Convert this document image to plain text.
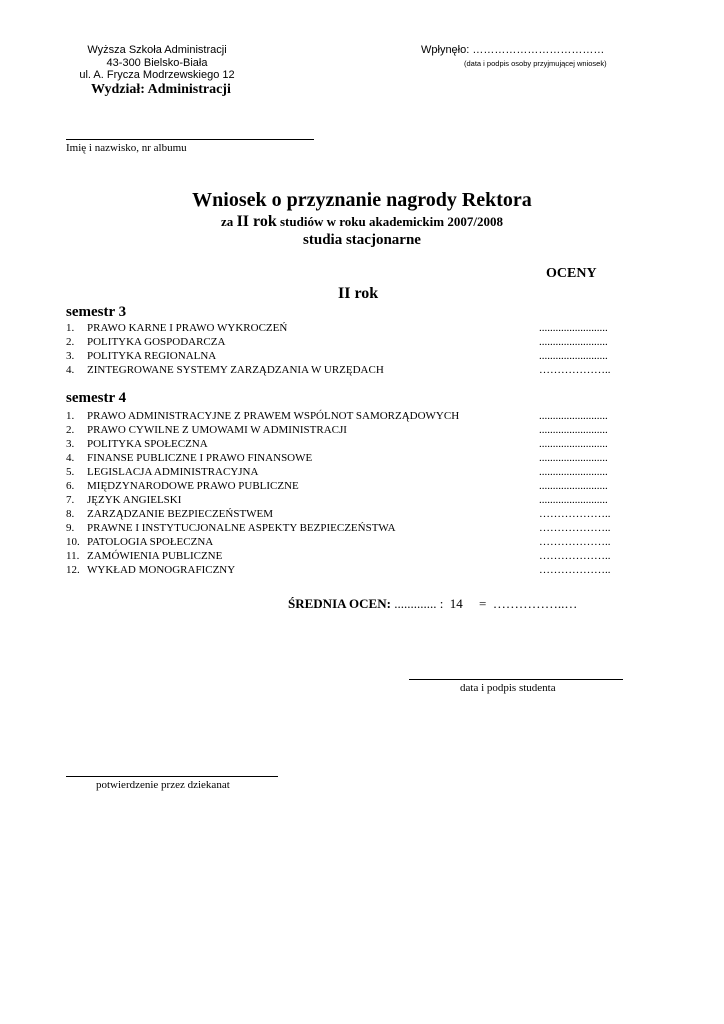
Wyższa Szkoła Administracji
43-300 Bielsko-Biała
ul. A. Frycza Modrzewskiego 12
Wydział: Administracji
Wpłynęło: ………………………………
(data i podpis osoby przyjmującej wniosek)
Imię i nazwisko, nr albumu
Wniosek o przyznanie nagrody Rektora
za II rok studiów w roku akademickim 2007/2008
studia stacjonarne
OCENY
II rok
semestr 3
1. PRAWO KARNE I PRAWO WYKROCZEŃ	.........................
2. POLITYKA GOSPODARCZA	.........................
3. POLITYKA REGIONALNA	.........................
4. ZINTEGROWANE SYSTEMY ZARZĄDZANIA W URZĘDACH	………………..
semestr 4
1. PRAWO ADMINISTRACYJNE Z PRAWEM WSPÓLNOT SAMORZĄDOWYCH	.........................
2. PRAWO CYWILNE Z UMOWAMI W ADMINISTRACJI	.........................
3. POLITYKA SPOŁECZNA	.........................
4. FINANSE PUBLICZNE I PRAWO FINANSOWE	.........................
5. LEGISLACJA ADMINISTRACYJNA	.........................
6. MIĘDZYNARODOWE PRAWO PUBLICZNE	.........................
7. JĘZYK ANGIELSKI	.........................
8. ZARZĄDZANIE BEZPIECZEŃSTWEM	………………..
9. PRAWNE I INSTYTUCJONALNE ASPEKTY BEZPIECZEŃSTWA	………………..
10. PATOLOGIA SPOŁECZNA	………………..
11. ZAMÓWIENIA PUBLICZNE	………………..
12. WYKŁAD MONOGRAFICZNY	………………..
ŚREDNIA OCEN: ............. :  14     =  ……………..…
data i podpis studenta
potwierdzenie przez dziekanat
